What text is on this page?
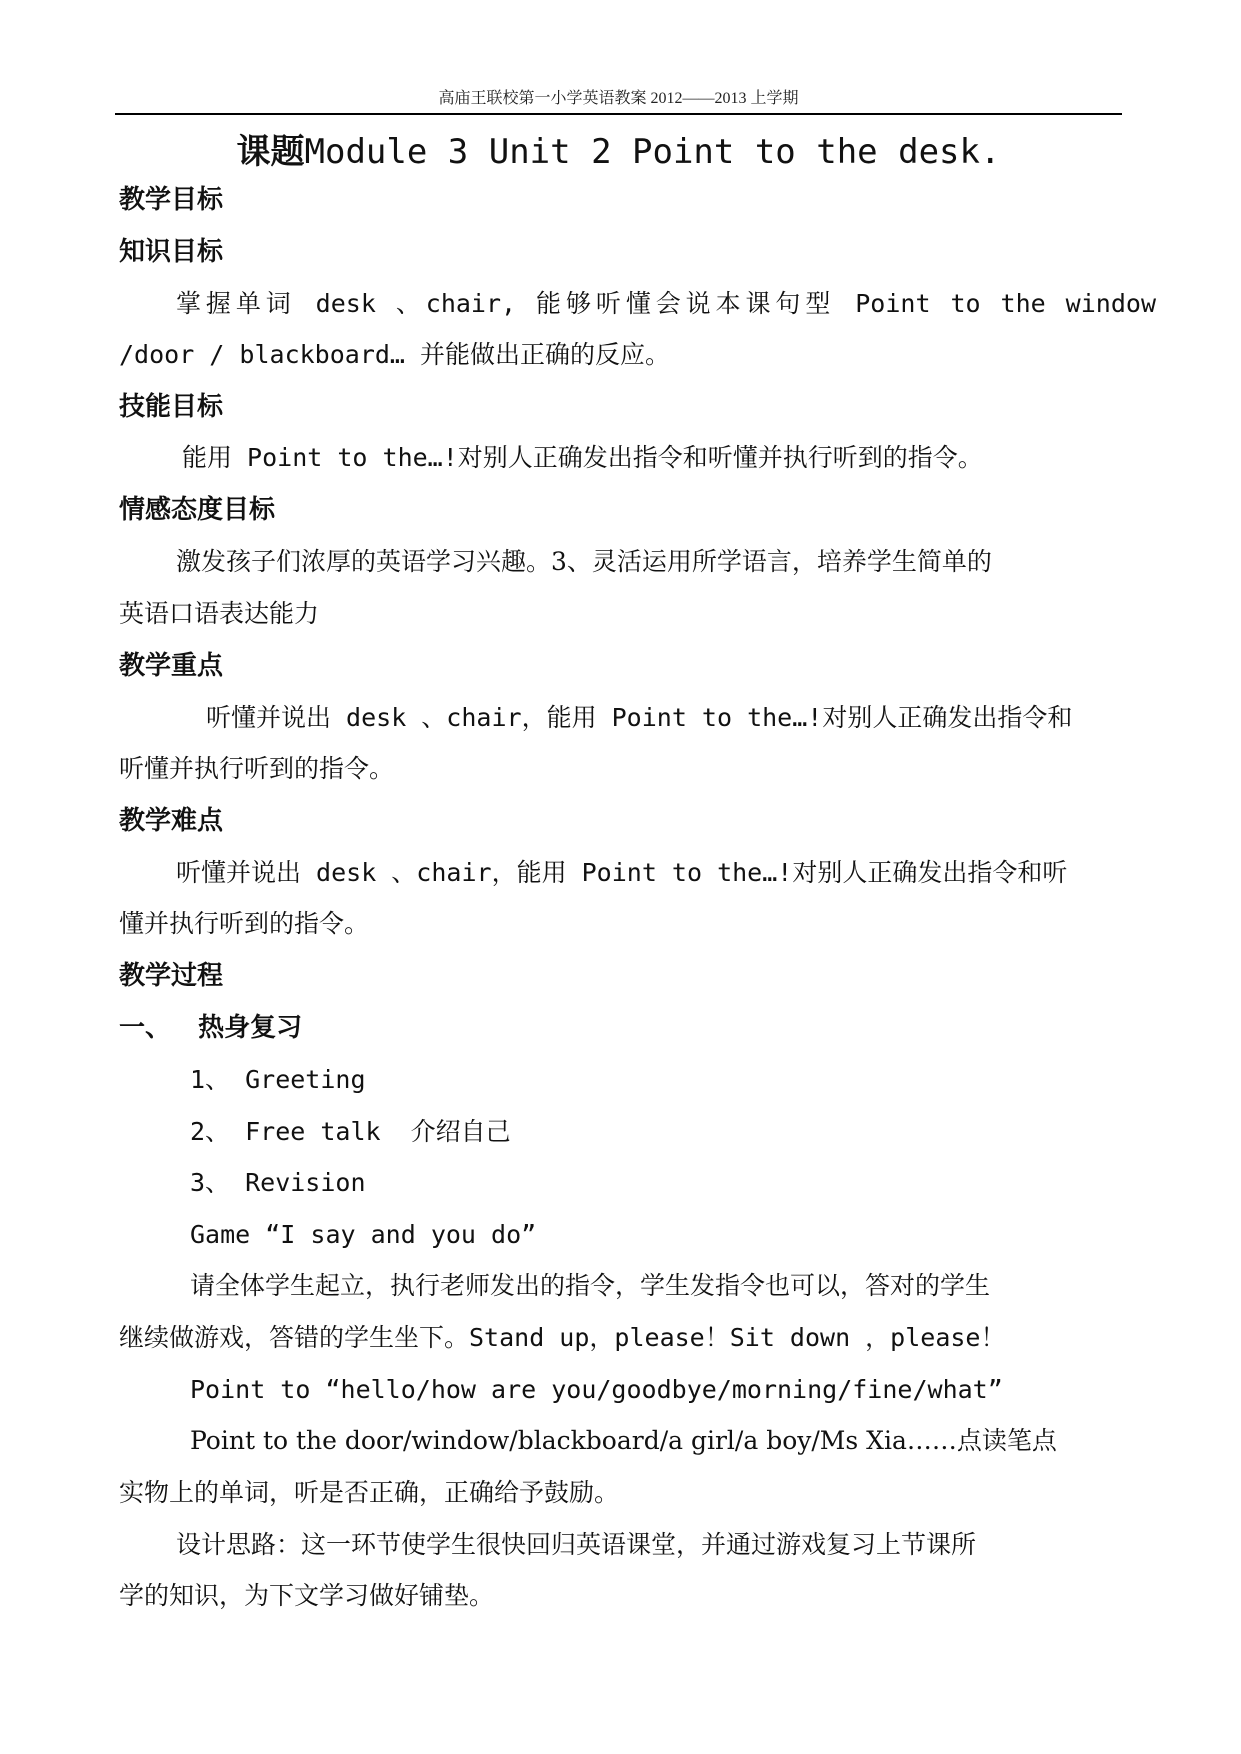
高庙王联校第一小学英语教案 2012——2013 上学期
课题Module 3 Unit 2 Point to the desk.
教学目标
知识目标
掌握单词 desk 、chair, 能够听懂会说本课句型 Point to the window
/door / blackboard… 并能做出正确的反应。
技能目标
能用 Point to the…!对别人正确发出指令和听懂并执行听到的指令。
情感态度目标
激发孩子们浓厚的英语学习兴趣。3、灵活运用所学语言，培养学生简单的
英语口语表达能力
教学重点
听懂并说出 desk 、chair，能用 Point to the…!对别人正确发出指令和
听懂并执行听到的指令。
教学难点
听懂并说出 desk 、chair，能用 Point to the…!对别人正确发出指令和听
懂并执行听到的指令。
教学过程
一、   热身复习
1、 Greeting
2、 Free talk  介绍自己
3、 Revision
Game “I say and you do”
请全体学生起立，执行老师发出的指令，学生发指令也可以，答对的学生
继续做游戏，答错的学生坐下。Stand up，please！Sit down ，please！
Point to “hello/how are you/goodbye/morning/fine/what”
Point to the door/window/blackboard/a girl/a boy/Ms Xia……点读笔点
实物上的单词，听是否正确，正确给予鼓励。
设计思路：这一环节使学生很快回归英语课堂，并通过游戏复习上节课所
学的知识，为下文学习做好铺垫。
